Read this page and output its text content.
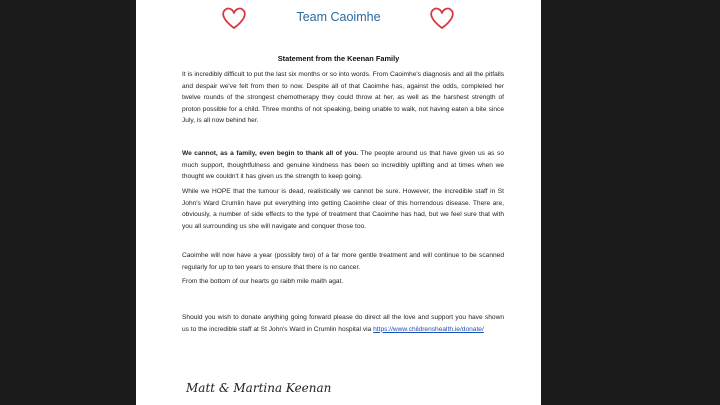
Team Caoimhe
Statement from the Keenan Family

It is incredibly difficult to put the last six months or so into words. From Caoimhe's diagnosis and all the pitfalls and despair we've felt from then to now. Despite all of that Caoimhe has, against the odds, completed her twelve rounds of the strongest chemotherapy they could throw at her, as well as the harshest strength of proton possible for a child. Three months of not speaking, being unable to walk, not having eaten a bite since July, is all now behind her.

We cannot, as a family, even begin to thank all of you. The people around us that have given us as so much support, thoughtfulness and genuine kindness has been so incredibly uplifting and at times when we thought we couldn't it has given us the strength to keep going.

While we HOPE that the tumour is dead, realistically we cannot be sure. However, the incredible staff in St John's Ward Crumlin have put everything into getting Caoimhe clear of this horrendous disease. There are, obviously, a number of side effects to the type of treatment that Caoimhe has had, but we feel sure that with you all surrounding us she will navigate and conquer those too.

Caoimhe will now have a year (possibly two) of a far more gentle treatment and will continue to be scanned regularly for up to ten years to ensure that there is no cancer.

From the bottom of our hearts go raibh mile maith agat.

Should you wish to donate anything going forward please do direct all the love and support you have shown us to the incredible staff at St John's Ward in Crumlin hospital via https://www.childrenshealth.ie/donate/

Matt & Martina Keenan
